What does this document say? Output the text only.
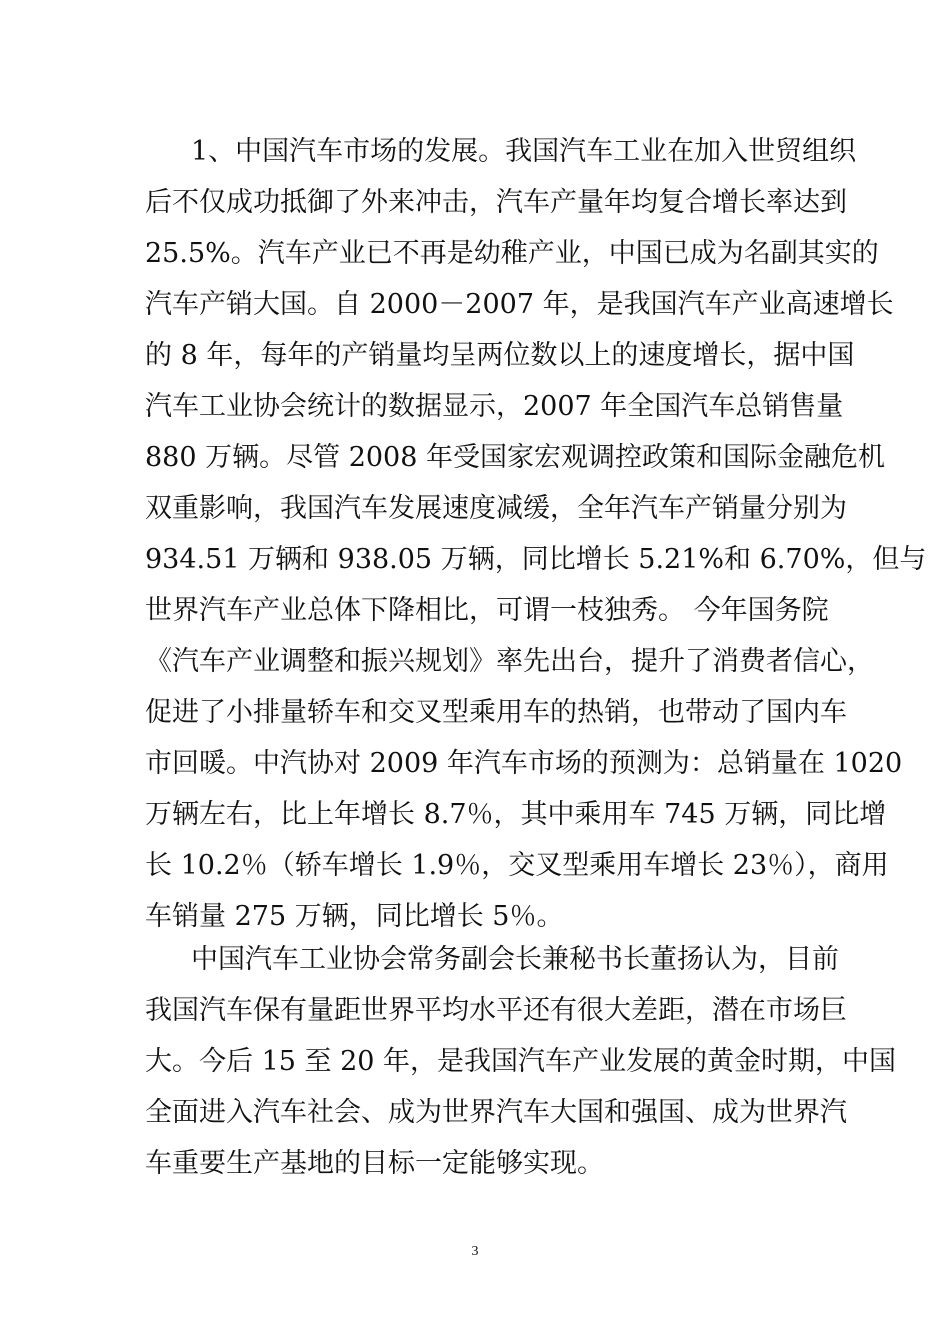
1、中国汽车市场的发展。我国汽车工业在加入世贸组织
后不仅成功抵御了外来冲击，汽车产量年均复合增长率达到
25.5%。汽车产业已不再是幼稚产业，中国已成为名副其实的
汽车产销大国。自 2000－2007 年，是我国汽车产业高速增长
的 8 年，每年的产销量均呈两位数以上的速度增长，据中国
汽车工业协会统计的数据显示，2007 年全国汽车总销售量
880 万辆。尽管 2008 年受国家宏观调控政策和国际金融危机
双重影响，我国汽车发展速度减缓，全年汽车产销量分别为
934.51 万辆和 938.05 万辆，同比增长 5.21%和 6.70%，但与
世界汽车产业总体下降相比，可谓一枝独秀。 今年国务院
《汽车产业调整和振兴规划》率先出台，提升了消费者信心，
促进了小排量轿车和交叉型乘用车的热销，也带动了国内车
市回暖。中汽协对 2009 年汽车市场的预测为：总销量在 1020
万辆左右，比上年增长 8.7％，其中乘用车 745 万辆，同比增
长 10.2％（轿车增长 1.9％，交叉型乘用车增长 23％），商用
车销量 275 万辆，同比增长 5％。
中国汽车工业协会常务副会长兼秘书长董扬认为，目前
我国汽车保有量距世界平均水平还有很大差距，潜在市场巨
大。今后 15 至 20 年，是我国汽车产业发展的黄金时期，中国
全面进入汽车社会、成为世界汽车大国和强国、成为世界汽
车重要生产基地的目标一定能够实现。
3
